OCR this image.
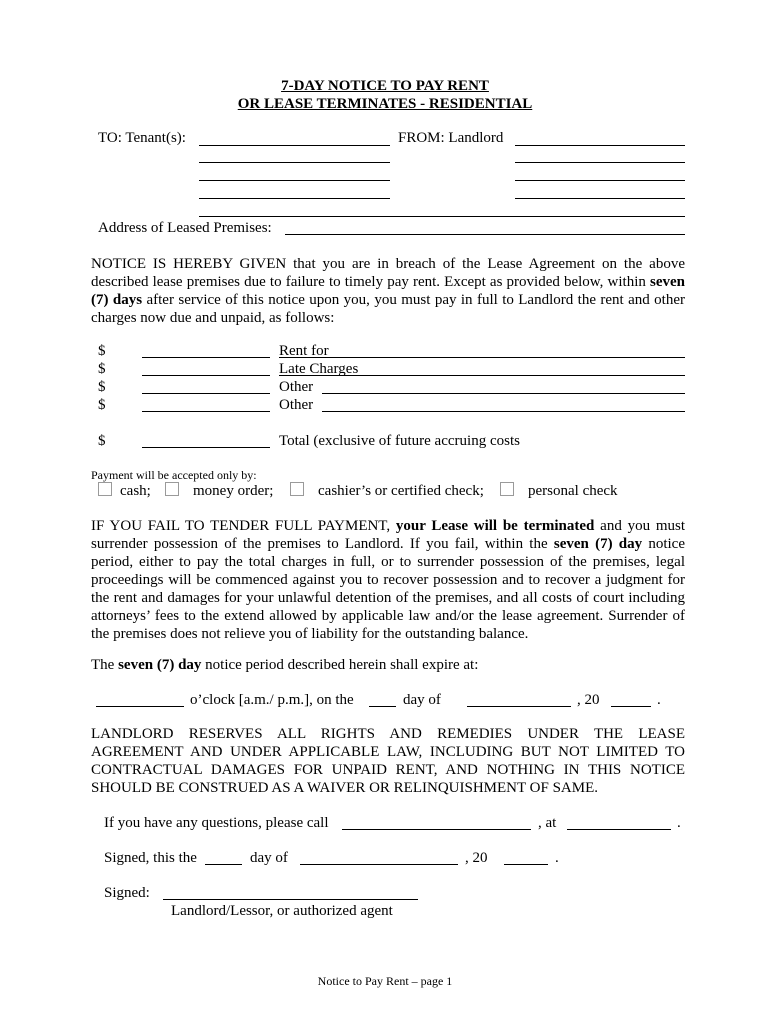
7-DAY NOTICE TO PAY RENT
OR LEASE TERMINATES - RESIDENTIAL
TO: Tenant(s):	FROM: Landlord
Address of Leased Premises:
NOTICE IS HEREBY GIVEN that you are in breach of the Lease Agreement on the above described lease premises due to failure to timely pay rent. Except as provided below, within seven (7) days after service of this notice upon you, you must pay in full to Landlord the rent and other charges now due and unpaid, as follows:
$	Rent for
$	Late Charges
$	Other
$	Other
$	Total (exclusive of future accruing costs
Payment will be accepted only by:
cash;	money order;	cashier’s or certified check;	personal check
IF YOU FAIL TO TENDER FULL PAYMENT, your Lease will be terminated and you must surrender possession of the premises to Landlord. If you fail, within the seven (7) day notice period, either to pay the total charges in full, or to surrender possession of the premises, legal proceedings will be commenced against you to recover possession and to recover a judgment for the rent and damages for your unlawful detention of the premises, and all costs of court including attorneys’ fees to the extend allowed by applicable law and/or the lease agreement. Surrender of the premises does not relieve you of liability for the outstanding balance.
The seven (7) day notice period described herein shall expire at:
o’clock [a.m./ p.m.], on the	day of	, 20	.
LANDLORD RESERVES ALL RIGHTS AND REMEDIES UNDER THE LEASE AGREEMENT AND UNDER APPLICABLE LAW, INCLUDING BUT NOT LIMITED TO CONTRACTUAL DAMAGES FOR UNPAID RENT, AND NOTHING IN THIS NOTICE SHOULD BE CONSTRUED AS A WAIVER OR RELINQUISHMENT OF SAME.
If you have any questions, please call	, at	.
Signed, this the	day of	, 20	.
Signed:
Landlord/Lessor, or authorized agent
Notice to Pay Rent – page 1
